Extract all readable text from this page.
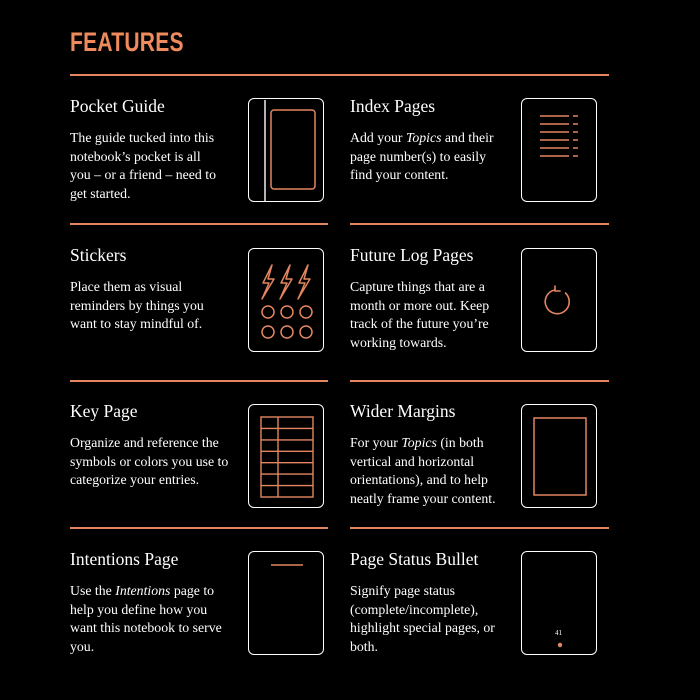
FEATURES
Pocket Guide
The guide tucked into this notebook’s pocket is all you – or a friend – need to get started.
Index Pages
Add your Topics and their page number(s) to easily find your content.
Stickers
Place them as visual reminders by things you want to stay mindful of.
Future Log Pages
Capture things that are a month or more out. Keep track of the future you’re working towards.
Key Page
Organize and reference the symbols or colors you use to categorize your entries.
Wider Margins
For your Topics (in both vertical and horizontal orientations), and to help neatly frame your content.
Intentions Page
Use the Intentions page to help you define how you want this notebook to serve you.
Page Status Bullet
Signify page status (complete/incomplete), highlight special pages, or both.
41
